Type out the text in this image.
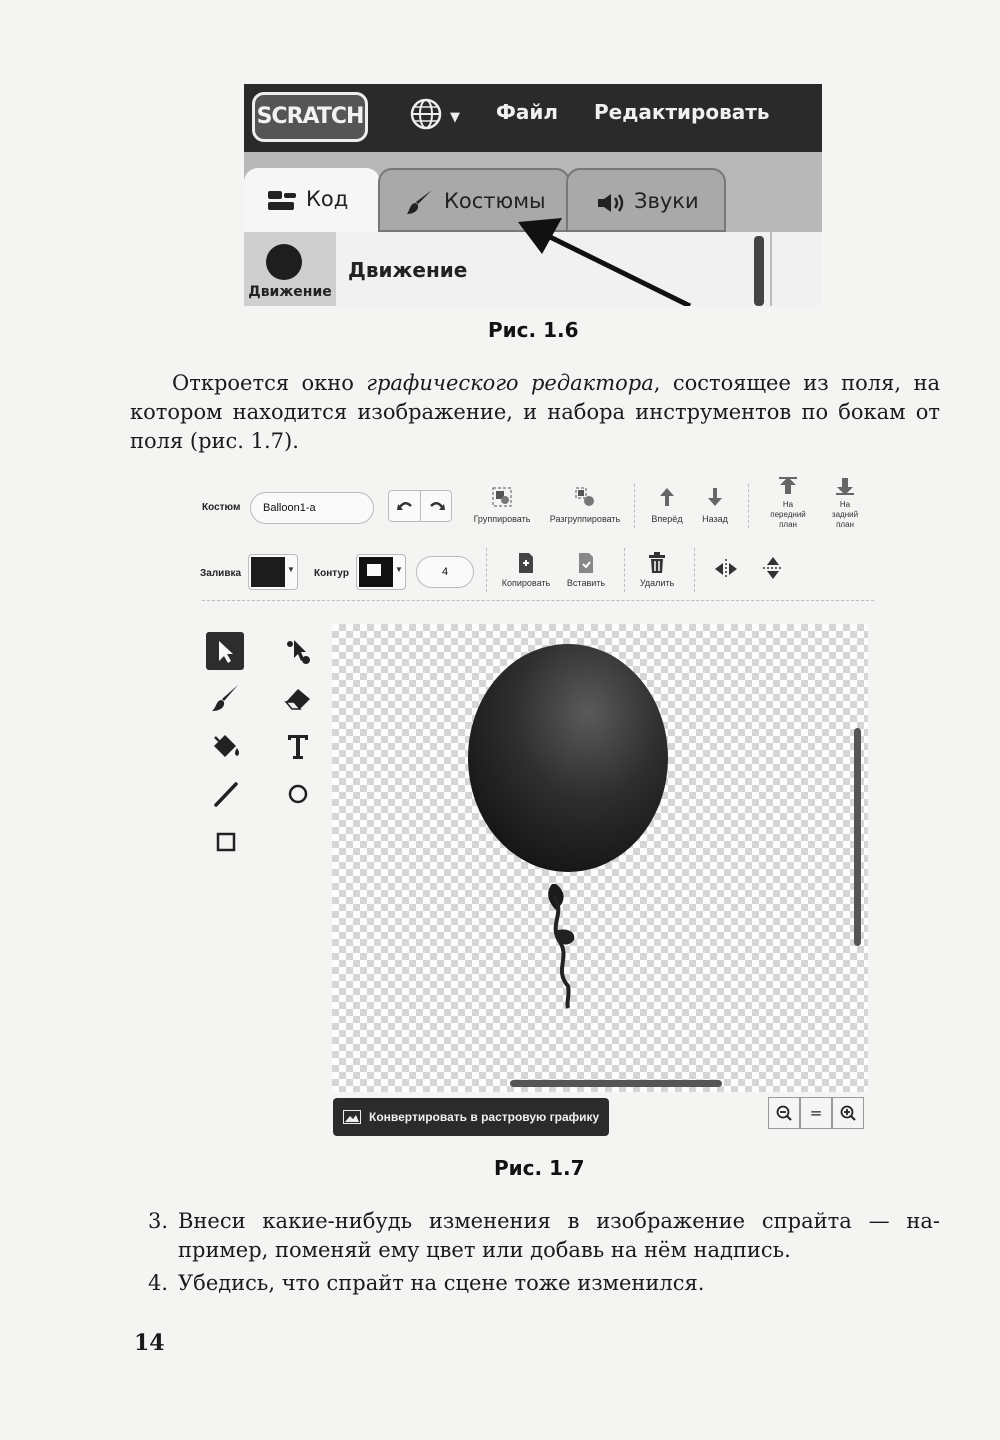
SCRATCH	▼ Файл Редактировать
Код	Костюмы	Звуки
Движение
Движение
Рис. 1.6
Откроется окно графического редактора, состоящее из поля, на котором находится изображение, и набора инструментов по бокам от поля (рис. 1.7).
Костюм	Balloon1-a
Группировать	Разгруппировать	Вперёд	Назад
На
передний
план
На
задний
план
Заливка	▼ Контур	▼	4
Копировать	Вставить	Удалить
Конвертировать в растровую графику	=
Рис. 1.7
3. Внеси какие-нибудь изменения в изображение спрайта — на-
пример, поменяй ему цвет или добавь на нём надпись.
4. Убедись, что спрайт на сцене тоже изменился.
14
